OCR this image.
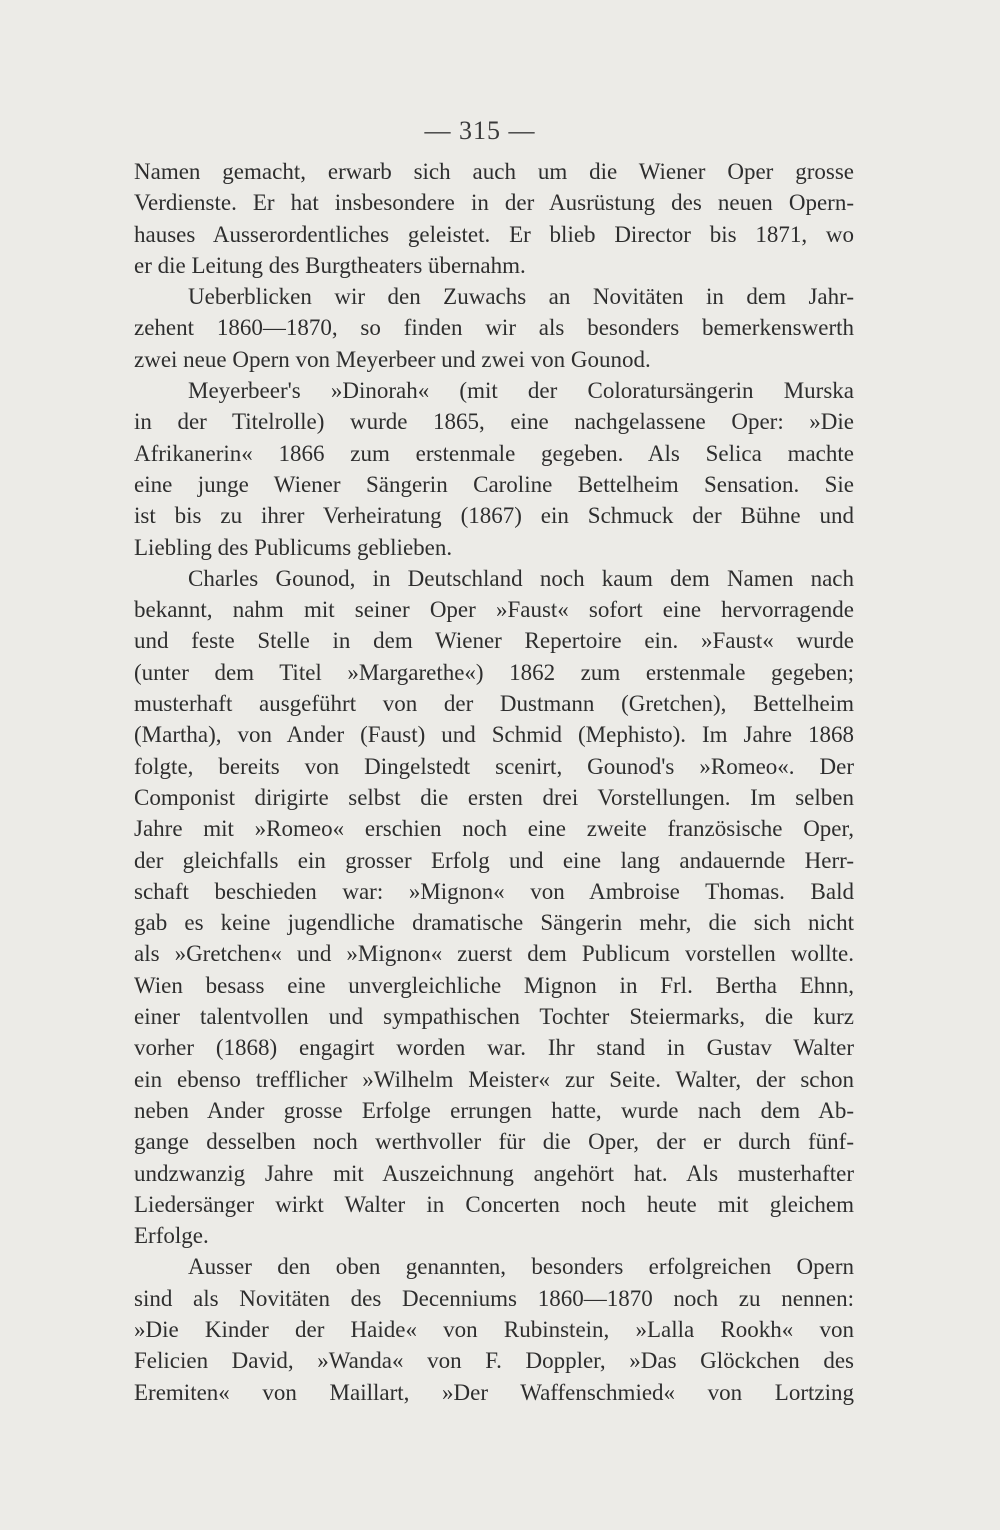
— 315 —
Namen gemacht, erwarb sich auch um die Wiener Oper grosse
Verdienste. Er hat insbesondere in der Ausrüstung des neuen Opern-
hauses Ausserordentliches geleistet. Er blieb Director bis 1871, wo
er die Leitung des Burgtheaters übernahm.
Ueberblicken wir den Zuwachs an Novitäten in dem Jahr-
zehent 1860—1870, so finden wir als besonders bemerkenswerth
zwei neue Opern von Meyerbeer und zwei von Gounod.
Meyerbeer's »Dinorah« (mit der Coloratursängerin Murska
in der Titelrolle) wurde 1865, eine nachgelassene Oper: »Die
Afrikanerin« 1866 zum erstenmale gegeben. Als Selica machte
eine junge Wiener Sängerin Caroline Bettelheim Sensation. Sie
ist bis zu ihrer Verheiratung (1867) ein Schmuck der Bühne und
Liebling des Publicums geblieben.
Charles Gounod, in Deutschland noch kaum dem Namen nach
bekannt, nahm mit seiner Oper »Faust« sofort eine hervorragende
und feste Stelle in dem Wiener Repertoire ein. »Faust« wurde
(unter dem Titel »Margarethe«) 1862 zum erstenmale gegeben;
musterhaft ausgeführt von der Dustmann (Gretchen), Bettelheim
(Martha), von Ander (Faust) und Schmid (Mephisto). Im Jahre 1868
folgte, bereits von Dingelstedt scenirt, Gounod's »Romeo«. Der
Componist dirigirte selbst die ersten drei Vorstellungen. Im selben
Jahre mit »Romeo« erschien noch eine zweite französische Oper,
der gleichfalls ein grosser Erfolg und eine lang andauernde Herr-
schaft beschieden war: »Mignon« von Ambroise Thomas. Bald
gab es keine jugendliche dramatische Sängerin mehr, die sich nicht
als »Gretchen« und »Mignon« zuerst dem Publicum vorstellen wollte.
Wien besass eine unvergleichliche Mignon in Frl. Bertha Ehnn,
einer talentvollen und sympathischen Tochter Steiermarks, die kurz
vorher (1868) engagirt worden war. Ihr stand in Gustav Walter
ein ebenso trefflicher »Wilhelm Meister« zur Seite. Walter, der schon
neben Ander grosse Erfolge errungen hatte, wurde nach dem Ab-
gange desselben noch werthvoller für die Oper, der er durch fünf-
undzwanzig Jahre mit Auszeichnung angehört hat. Als musterhafter
Liedersänger wirkt Walter in Concerten noch heute mit gleichem
Erfolge.
Ausser den oben genannten, besonders erfolgreichen Opern
sind als Novitäten des Decenniums 1860—1870 noch zu nennen:
»Die Kinder der Haide« von Rubinstein, »Lalla Rookh« von
Felicien David, »Wanda« von F. Doppler, »Das Glöckchen des
Eremiten« von Maillart, »Der Waffenschmied« von Lortzing
